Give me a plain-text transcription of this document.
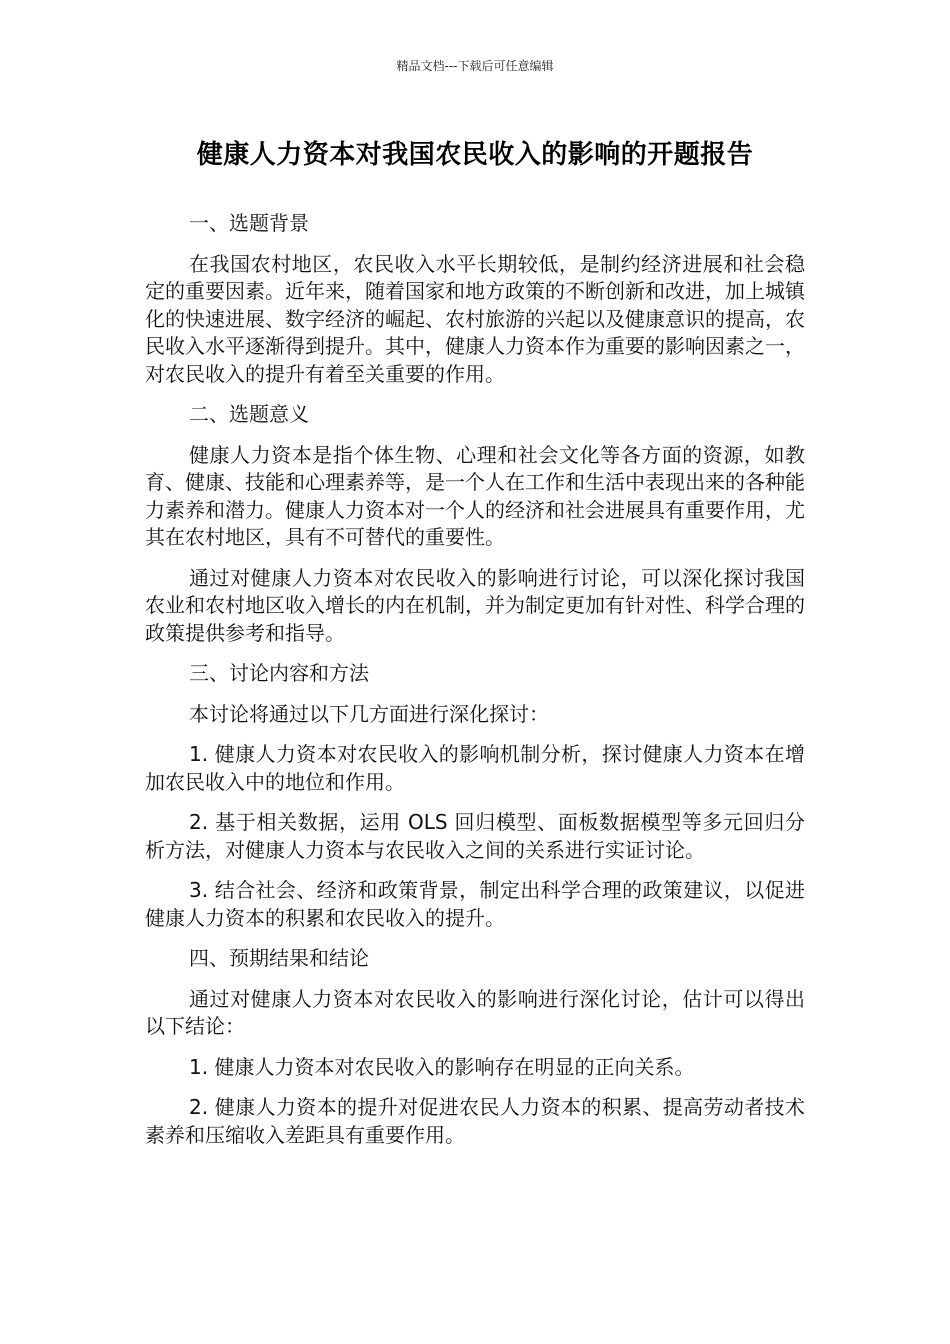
精品文档---下载后可任意编辑
健康人力资本对我国农民收入的影响的开题报告
一、选题背景

在我国农村地区，农民收入水平长期较低，是制约经济进展和社会稳定的重要因素。近年来，随着国家和地方政策的不断创新和改进，加上城镇化的快速进展、数字经济的崛起、农村旅游的兴起以及健康意识的提高，农民收入水平逐渐得到提升。其中，健康人力资本作为重要的影响因素之一，对农民收入的提升有着至关重要的作用。

二、选题意义

健康人力资本是指个体生物、心理和社会文化等各方面的资源，如教育、健康、技能和心理素养等，是一个人在工作和生活中表现出来的各种能力素养和潜力。健康人力资本对一个人的经济和社会进展具有重要作用，尤其在农村地区，具有不可替代的重要性。

通过对健康人力资本对农民收入的影响进行讨论，可以深化探讨我国农业和农村地区收入增长的内在机制，并为制定更加有针对性、科学合理的政策提供参考和指导。

三、讨论内容和方法

本讨论将通过以下几方面进行深化探讨：

1. 健康人力资本对农民收入的影响机制分析，探讨健康人力资本在增加农民收入中的地位和作用。

2. 基于相关数据，运用 OLS 回归模型、面板数据模型等多元回归分析方法，对健康人力资本与农民收入之间的关系进行实证讨论。

3. 结合社会、经济和政策背景，制定出科学合理的政策建议，以促进健康人力资本的积累和农民收入的提升。

四、预期结果和结论

通过对健康人力资本对农民收入的影响进行深化讨论，估计可以得出以下结论：

1. 健康人力资本对农民收入的影响存在明显的正向关系。

2. 健康人力资本的提升对促进农民人力资本的积累、提高劳动者技术素养和压缩收入差距具有重要作用。
